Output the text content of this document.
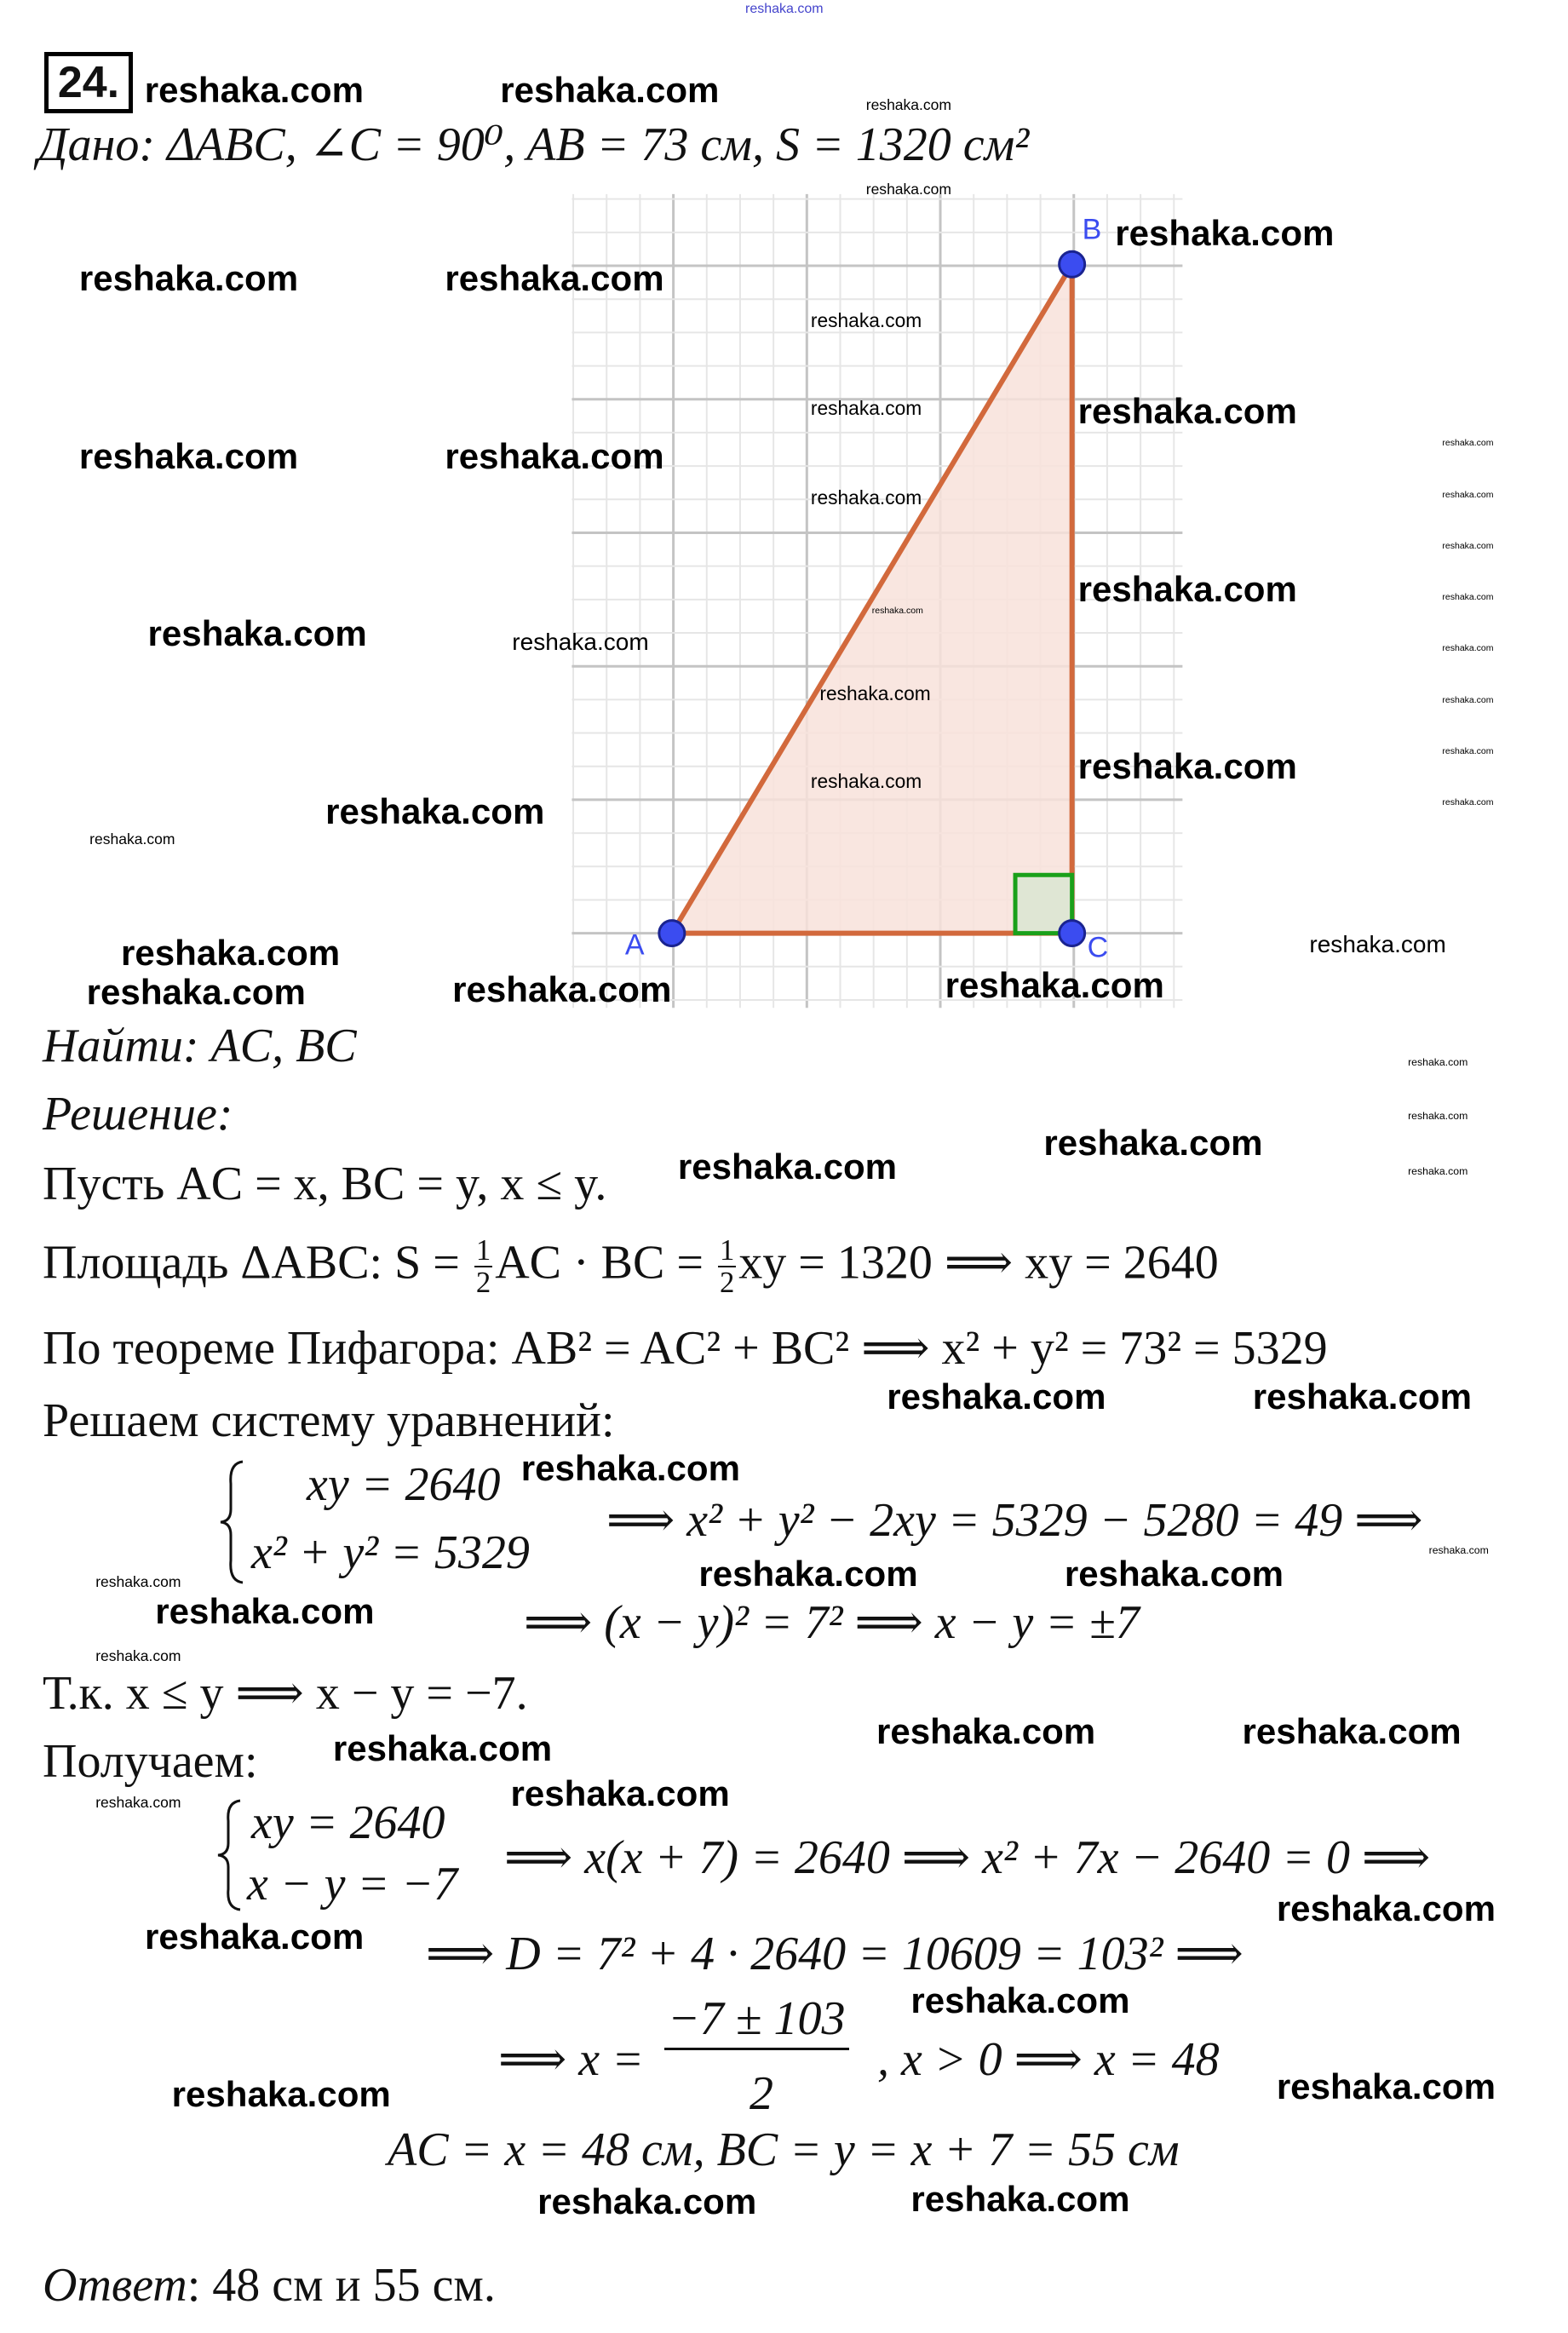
reshaka.com
24.
Дано: ΔABC, ∠C = 90⁰, AB = 73 см, S = 1320 см²
A
B
C
Найти: AC, BC
Решение:
Пусть AC = x, BC = y, x ≤ y.
Площадь ΔABC: $S = \frac{1}{2}$ AC · BC = $\frac{1}{2}$ xy = 1320 ⟹ xy = 2640
По теореме Пифагора: AB² = AC² + BC² ⟹ x² + y² = 73² = 5329
Решаем систему уравнений:
xy = 2640
x² + y² = 5329
⟹ x² + y² − 2xy = 5329 − 5280 = 49 ⟹
⟹ (x − y)² = 7² ⟹ x − y = ±7
Т.к. x ≤ y ⟹ x − y = −7.
Получаем:
xy = 2640
x − y = −7 ⟹ x(x + 7) = 2640 ⟹ x² + 7x − 2640 = 0 ⟹
⟹ D = 7² + 4 · 2640 = 10609 = 103² ⟹
⟹ x =
−7 ± 103
2
, x > 0 ⟹ x = 48
AC = x = 48 см, BC = y = x + 7 = 55 см
Ответ: 48 см и 55 см.
reshaka.com	reshaka.com
reshaka.com
reshaka.com	reshaka.com
reshaka.com
reshaka.com	reshaka.com
reshaka.com
reshaka.com
reshaka.com
reshaka.com
reshaka.com
reshaka.com	reshaka.com
reshaka.com
reshaka.com
reshaka.com
reshaka.com
reshaka.com
reshaka.com	reshaka.com
reshaka.com	reshaka.com
reshaka.com	reshaka.com	reshaka.com
reshaka.com
reshaka.com
reshaka.com
reshaka.com
reshaka.com
reshaka.com	reshaka.com
reshaka.com
reshaka.com
reshaka.com
reshaka.com
reshaka.com
reshaka.com
reshaka.com
reshaka.com
reshaka.com
reshaka.com
reshaka.com
reshaka.com
reshaka.com
reshaka.com
reshaka.com
reshaka.com
reshaka.com
reshaka.com
reshaka.com
reshaka.com
reshaka.com
reshaka.com
reshaka.com
reshaka.com
reshaka.com
reshaka.com
reshaka.com
